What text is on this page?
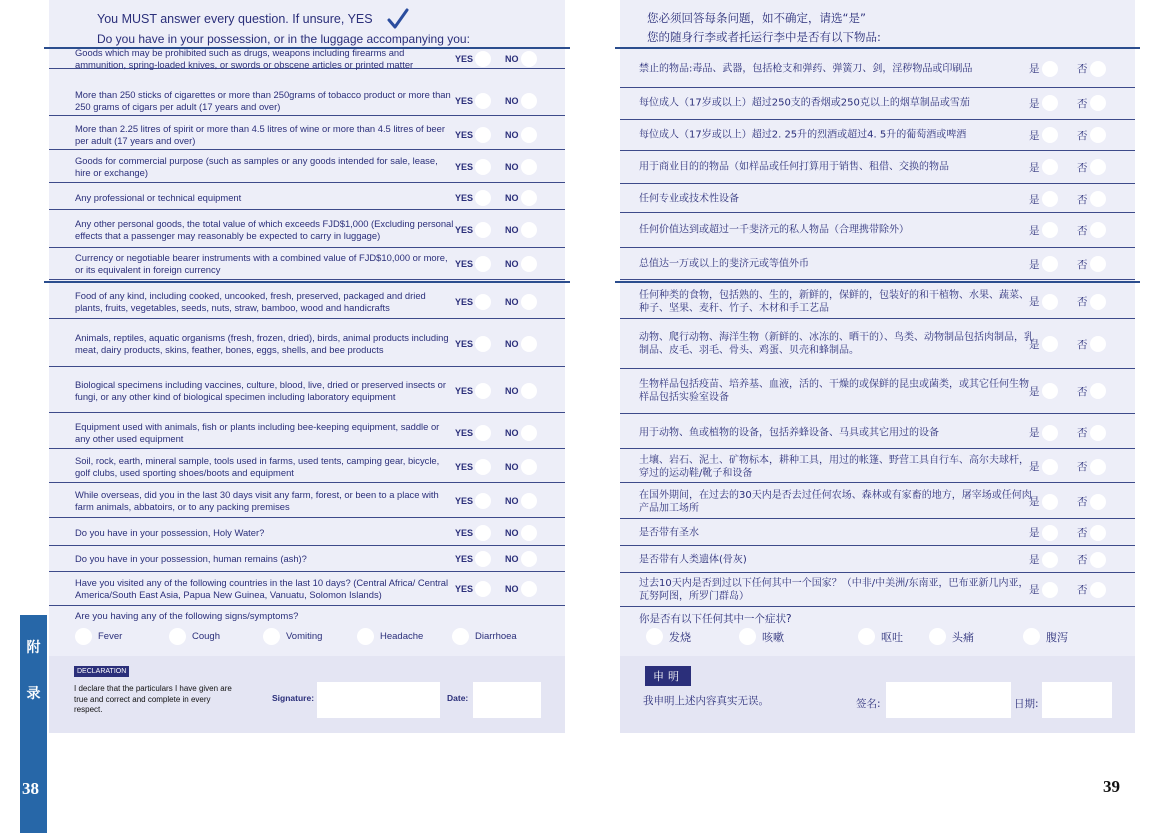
附
录
38	39
You MUST answer every question. If unsure, YES
Do you have in your possession, or in the luggage accompanying you:
Goods which may be prohibited such as drugs, weapons including firearms and ammunition, spring-loaded knives, or swords or obscene articles or printed matter	YES	NO
More than 250 sticks of cigarettes or more than 250grams of tobacco product or more than 250 grams of cigars per adult (17 years and over)	YES	NO
More than 2.25 litres of spirit or more than 4.5 litres of wine or more than 4.5 litres of beer per adult (17 years and over)	YES	NO
Goods for commercial purpose (such as samples or any goods intended for sale, lease, hire or exchange)	YES	NO
Any professional or technical equipment	YES	NO
Any other personal goods, the total value of which exceeds FJD$1,000 (Excluding personal effects that a passenger may reasonably be expected to carry in luggage)	YES	NO
Currency or negotiable bearer instruments with a combined value of FJD$10,000 or more, or its equivalent in foreign currency	YES	NO
Food of any kind, including cooked, uncooked, fresh, preserved, packaged and dried plants, fruits, vegetables, seeds, nuts, straw, bamboo, wood and handicrafts	YES	NO
Animals, reptiles, aquatic organisms (fresh, frozen, dried), birds, animal products including meat, dairy products, skins, feather, bones, eggs, shells, and bee products	YES	NO
Biological specimens including vaccines, culture, blood, live, dried or preserved insects or fungi, or any other kind of biological specimen including laboratory equipment	YES	NO
Equipment used with animals, fish or plants including bee-keeping equipment, saddle or any other used equipment	YES	NO
Soil, rock, earth, mineral sample, tools used in farms, used tents, camping gear, bicycle, golf clubs, used sporting shoes/boots and equipment	YES	NO
While overseas, did you in the last 30 days visit any farm, forest, or been to a place with farm animals, abbatoirs, or to any packing premises	YES	NO
Do you have in your possession, Holy Water?	YES	NO
Do you have in your possession, human remains (ash)?	YES	NO
Have you visited any of the following countries in the last 10 days? (Central Africa/ Central America/South East Asia, Papua New Guinea, Vanuatu, Solomon Islands)	YES	NO
Are you having any of the following signs/symptoms?
Fever	Cough	Vomiting	Headache	Diarrhoea
DECLARATION
I declare that the particulars I have given are true and correct and complete in every respect.
Signature:	Date:
您必须回答每条问题，如不确定，请选“是”
您的随身行李或者托运行李中是否有以下物品:
禁止的物品:毒品、武器，包括枪支和弹药、弹簧刀、剑，淫秽物品或印刷品	是	否
每位成人（17岁或以上）超过250支的香烟或250克以上的烟草制品或雪茄	是	否
每位成人（17岁或以上）超过2. 25升的烈酒或超过4. 5升的葡萄酒或啤酒	是	否
用于商业目的的物品（如样品或任何打算用于销售、租借、交换的物品	是	否
任何专业或技术性设备	是	否
任何价值达到或超过一千斐济元的私人物品（合理携带除外）	是	否
总值达一万或以上的斐济元或等值外币	是	否
任何种类的食物，包括熟的、生的，新鲜的，保鲜的，包装好的和干植物、水果、蔬菜、种子、坚果、麦秆、竹子、木材和手工艺品	是	否
动物、爬行动物、海洋生物（新鲜的、冰冻的、晒干的）、鸟类、动物制品包括肉制品，乳制品、皮毛、羽毛、骨头、鸡蛋、贝壳和蜂制品。	是	否
生物样品包括疫苗、培养基、血液，活的、干燥的或保鲜的昆虫或菌类，或其它任何生物样品包括实验室设备	是	否
用于动物、鱼或植物的设备，包括养蜂设备、马具或其它用过的设备	是	否
土壤、岩石、泥土、矿物标本，耕种工具，用过的帐篷、野营工具自行车、高尔夫球杆，穿过的运动鞋/靴子和设备	是	否
在国外期间，在过去的30天内是否去过任何农场、森林或有家畜的地方，屠宰场或任何肉产品加工场所	是	否
是否带有圣水	是	否
是否带有人类遗体(骨灰)	是	否
过去10天内是否到过以下任何其中一个国家？（中非/中美洲/东南亚，巴布亚新几内亚，瓦努阿图，所罗门群岛）	是	否
你是否有以下任何其中一个症状?
发烧	咳嗽	呕吐	头痛	腹泻
申明
我申明上述内容真实无误。	签名:	日期:
